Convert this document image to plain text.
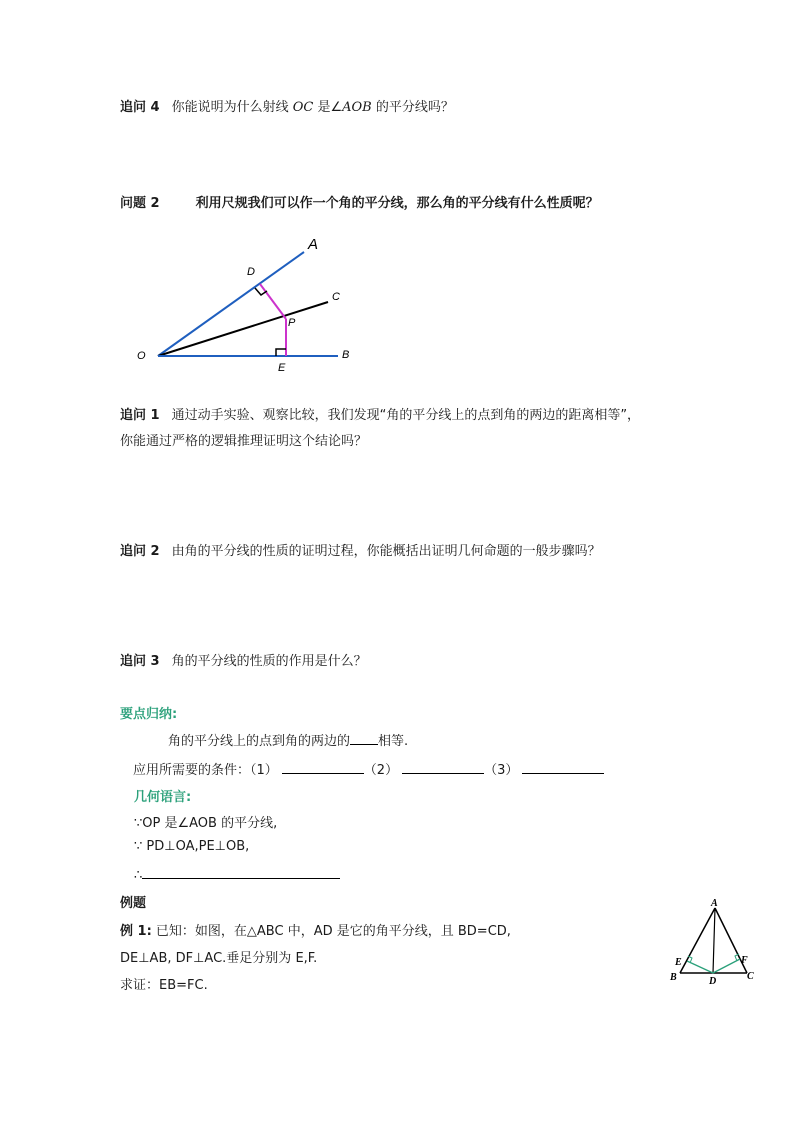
追问 4 你能说明为什么射线 OC 是∠AOB 的平分线吗？
问题 2	利用尺规我们可以作一个角的平分线，那么角的平分线有什么性质呢？
A
C
D
P
O
E
B
追问 1 通过动手实验、观察比较，我们发现“角的平分线上的点到角的两边的距离相等”，
你能通过严格的逻辑推理证明这个结论吗？
追问 2 由角的平分线的性质的证明过程，你能概括出证明几何命题的一般步骤吗？
追问 3 角的平分线的性质的作用是什么？
要点归纳:
角的平分线上的点到角的两边的 相等.
应用所需要的条件：（1）	（2）	（3）
几何语言:
∵OP 是∠AOB 的平分线,
∵ PD⊥OA,PE⊥OB,
∴
例题
例 1: 已知：如图，在△ABC 中，AD 是它的角平分线，且 BD=CD,
DE⊥AB, DF⊥AC.垂足分别为 E,F.
求证：EB=FC.
A
E	F
B	D	C
